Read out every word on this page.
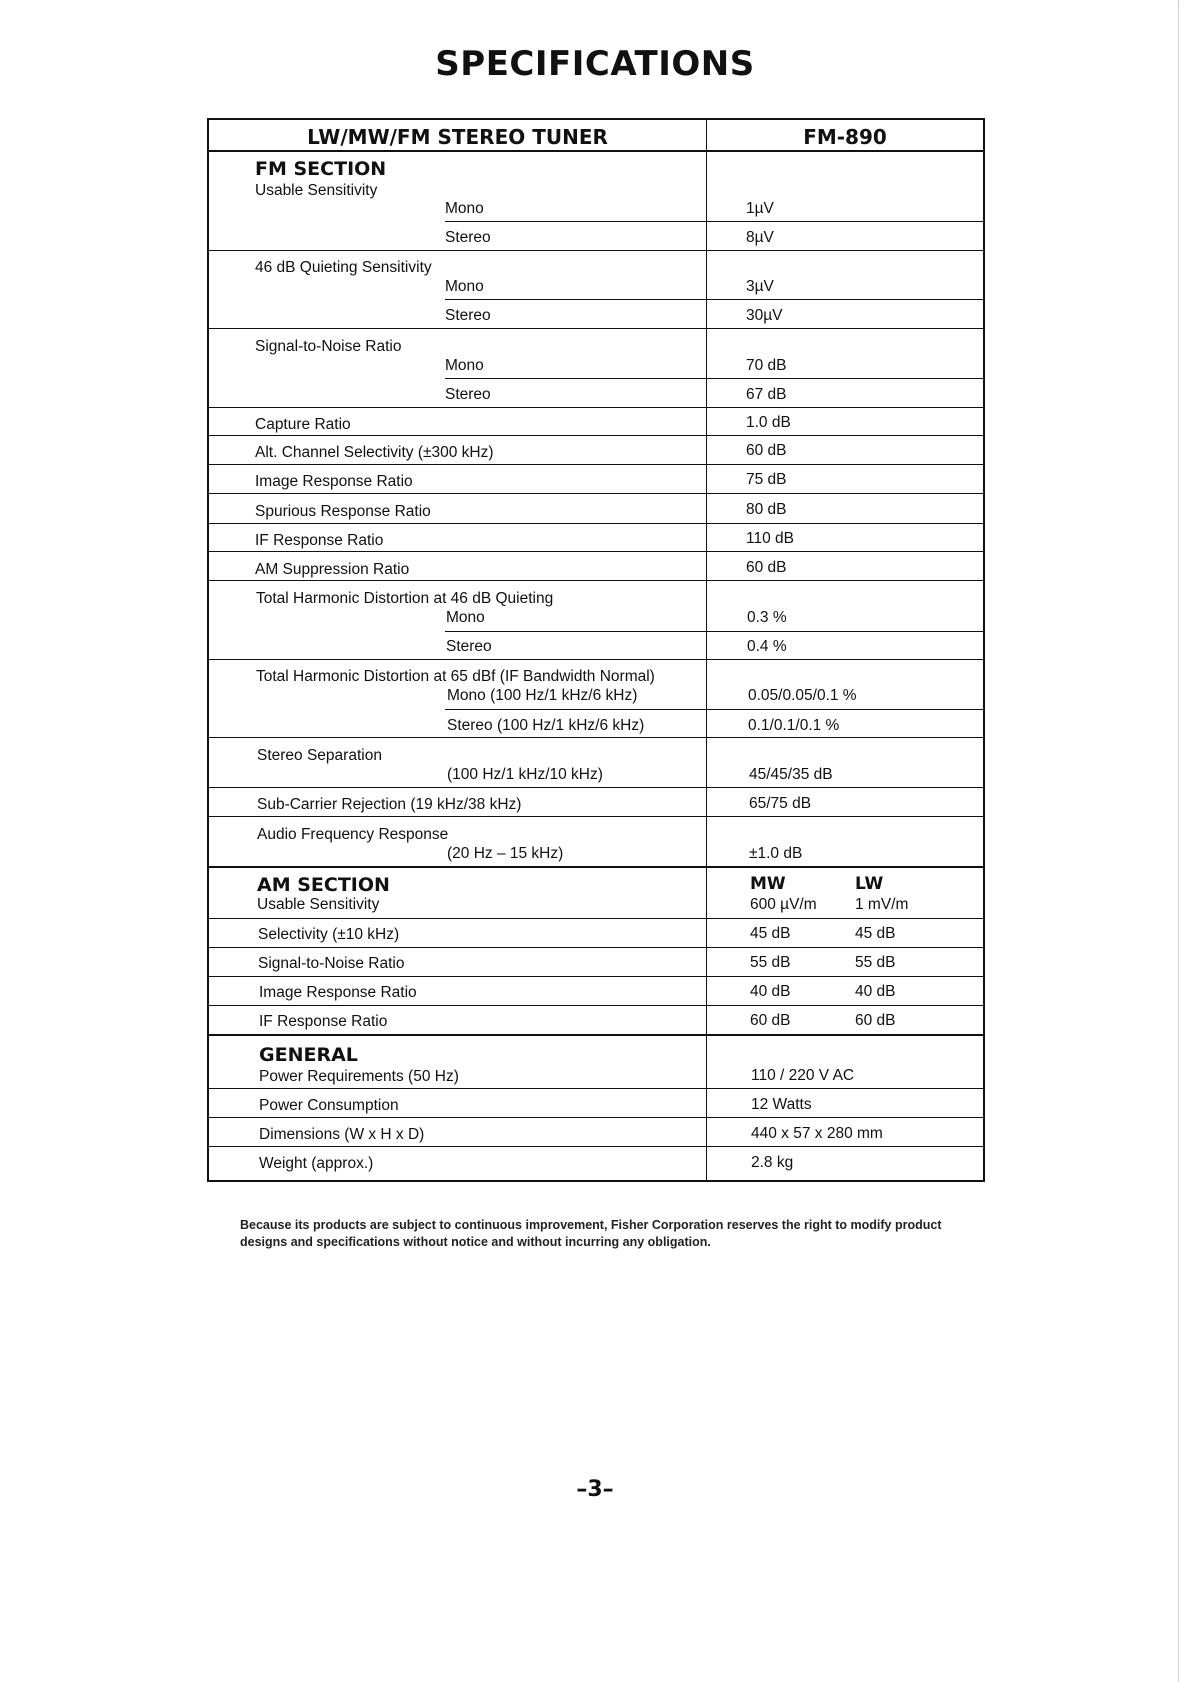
SPECIFICATIONS
LW/MW/FM STEREO TUNER	FM-890
FM SECTION
Usable Sensitivity
Mono	1µV
Stereo	8µV
46 dB Quieting Sensitivity
Mono	3µV
Stereo	30µV
Signal-to-Noise Ratio
Mono	70 dB
Stereo	67 dB
Capture Ratio	1.0 dB
Alt. Channel Selectivity (±300 kHz)	60 dB
Image Response Ratio	75 dB
Spurious Response Ratio	80 dB
IF Response Ratio	110 dB
AM Suppression Ratio	60 dB
Total Harmonic Distortion at 46 dB Quieting
Mono	0.3 %
Stereo	0.4 %
Total Harmonic Distortion at 65 dBf (IF Bandwidth Normal)
Mono (100 Hz/1 kHz/6 kHz)	0.05/0.05/0.1 %
Stereo (100 Hz/1 kHz/6 kHz)	0.1/0.1/0.1 %
Stereo Separation
(100 Hz/1 kHz/10 kHz)	45/45/35 dB
Sub-Carrier Rejection (19 kHz/38 kHz)	65/75 dB
Audio Frequency Response
(20 Hz – 15 kHz)	±1.0 dB
AM SECTION	MW	LW
Usable Sensitivity	600 µV/m 1 mV/m
Selectivity (±10 kHz)	45 dB	45 dB
Signal-to-Noise Ratio	55 dB	55 dB
Image Response Ratio	40 dB	40 dB
IF Response Ratio	60 dB	60 dB
GENERAL
Power Requirements (50 Hz)	110 / 220 V AC
Power Consumption	12 Watts
Dimensions (W x H x D)	440 x 57 x 280 mm
Weight (approx.)	2.8 kg
Because its products are subject to continuous improvement, Fisher Corporation reserves the right to modify product designs and specifications without notice and without incurring any obligation.
–3–
